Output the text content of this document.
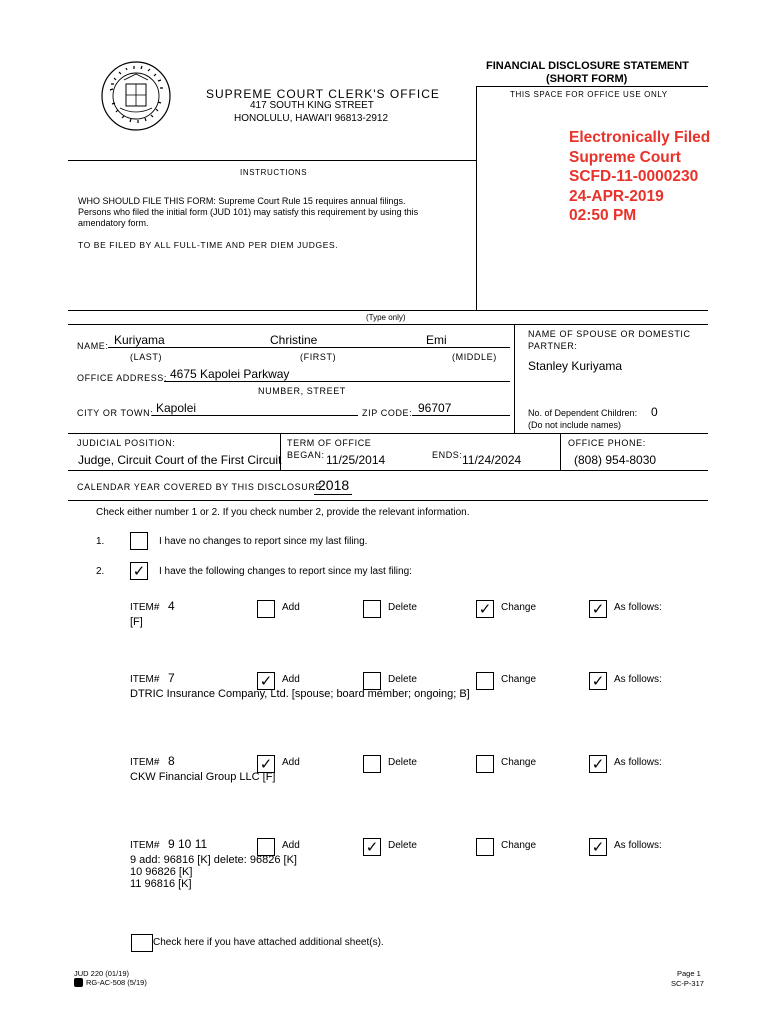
FINANCIAL DISCLOSURE STATEMENT
(SHORT FORM)
THIS SPACE FOR OFFICE USE ONLY
SUPREME COURT CLERK'S OFFICE
417 SOUTH KING STREET
HONOLULU, HAWAI'I 96813-2912
Electronically Filed
Supreme Court
SCFD-11-0000230
24-APR-2019
02:50 PM
INSTRUCTIONS
WHO SHOULD FILE THIS FORM: Supreme Court Rule 15 requires annual filings.
Persons who filed the initial form (JUD 101) may satisfy this requirement by using this
amendatory form.
TO BE FILED BY ALL FULL-TIME AND PER DIEM JUDGES.
(Type only)
NAME: Kuriyama	Christine	Emi
(LAST)	(FIRST)	(MIDDLE)
NAME OF SPOUSE OR DOMESTIC
PARTNER:
Stanley Kuriyama
OFFICE ADDRESS: 4675 Kapolei Parkway
NUMBER, STREET
CITY OR TOWN: Kapolei	ZIP CODE: 96707	No. of Dependent Children: 0
(Do not include names)
JUDICIAL POSITION:
Judge, Circuit Court of the First Circuit
TERM OF OFFICE
BEGAN: 11/25/2014	ENDS: 11/24/2024
OFFICE PHONE:
(808) 954-8030
CALENDAR YEAR COVERED BY THIS DISCLOSURE:
2018
Check either number 1 or 2. If you check number 2, provide the relevant information.
1.	I have no changes to report since my last filing.
2. ✓ I have the following changes to report since my last filing:
ITEM# 4	Add	Delete	✓ Change	✓ As follows:
[F]
ITEM# 7	✓ Add	Delete	Change	✓ As follows:
DTRIC Insurance Company, Ltd. [spouse; board member; ongoing; B]
ITEM# 8	✓ Add	Delete	Change	✓ As follows:
CKW Financial Group LLC [F]
ITEM# 9 10 11	Add	✓ Delete	Change	✓ As follows:
9 add: 96816 [K] delete: 96826 [K]
10 96826 [K]
11 96816 [K]
Check here if you have attached additional sheet(s).
JUD 220 (01/19)
RG-AC-508 (5/19)
Page 1
SC-P-317
